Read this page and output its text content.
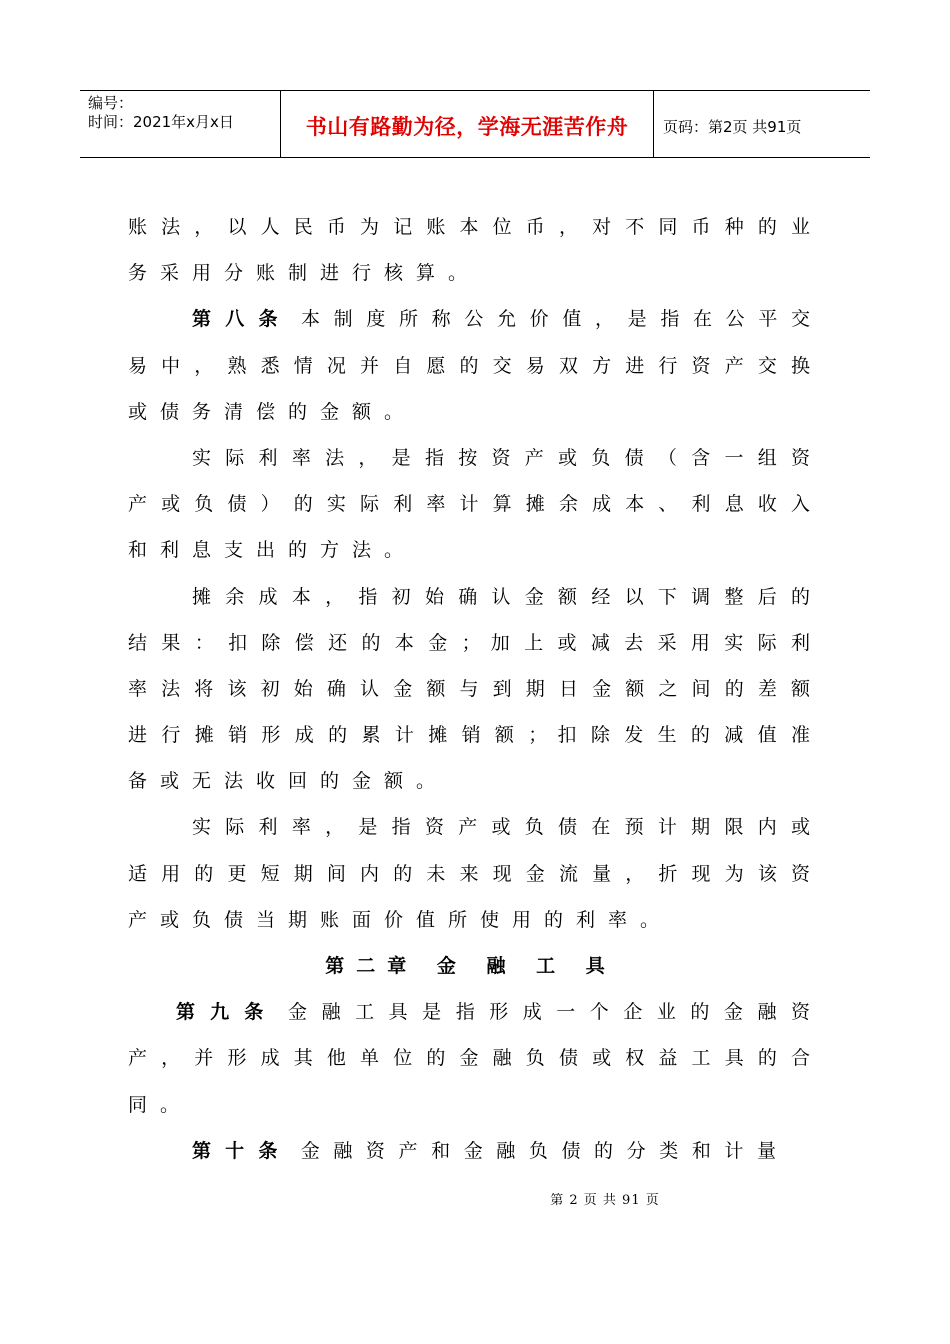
编号：
时间：2021年x月x日	书山有路勤为径，学海无涯苦作舟 页码：第2页 共91页
账 法 ， 以 人 民 币 为 记 账 本 位 币 ， 对 不 同 币 种 的 业
务采用分账制进行核算。
第 八 条 本 制 度 所 称 公 允 价 值 ， 是 指 在 公 平 交
易 中 ， 熟 悉 情 况 并 自 愿 的 交 易 双 方 进 行 资 产 交 换
或债务清偿的金额。
实 际 利 率 法 ， 是 指 按 资 产 或 负 债 （ 含 一 组 资
产 或 负 债 ） 的 实 际 利 率 计 算 摊 余 成 本 、 利 息 收 入
和利息支出的方法。
摊 余 成 本 ， 指 初 始 确 认 金 额 经 以 下 调 整 后 的
结 果 ： 扣 除 偿 还 的 本 金 ； 加 上 或 减 去 采 用 实 际 利
率 法 将 该 初 始 确 认 金 额 与 到 期 日 金 额 之 间 的 差 额
进 行 摊 销 形 成 的 累 计 摊 销 额 ； 扣 除 发 生 的 减 值 准
备或无法收回的金额。
实 际 利 率 ， 是 指 资 产 或 负 债 在 预 计 期 限 内 或
适 用 的 更 短 期 间 内 的 未 来 现 金 流 量 ， 折 现 为 该 资
产或负债当期账面价值所使用的利率。
第二章 金 融 工 具
第 九 条 金 融 工 具 是 指 形 成 一 个 企 业 的 金 融 资
产 ， 并 形 成 其 他 单 位 的 金 融 负 债 或 权 益 工 具 的 合
同。
第 十 条 金 融 资 产 和 金 融 负 债 的 分 类 和 计 量
第 2 页 共 91 页
